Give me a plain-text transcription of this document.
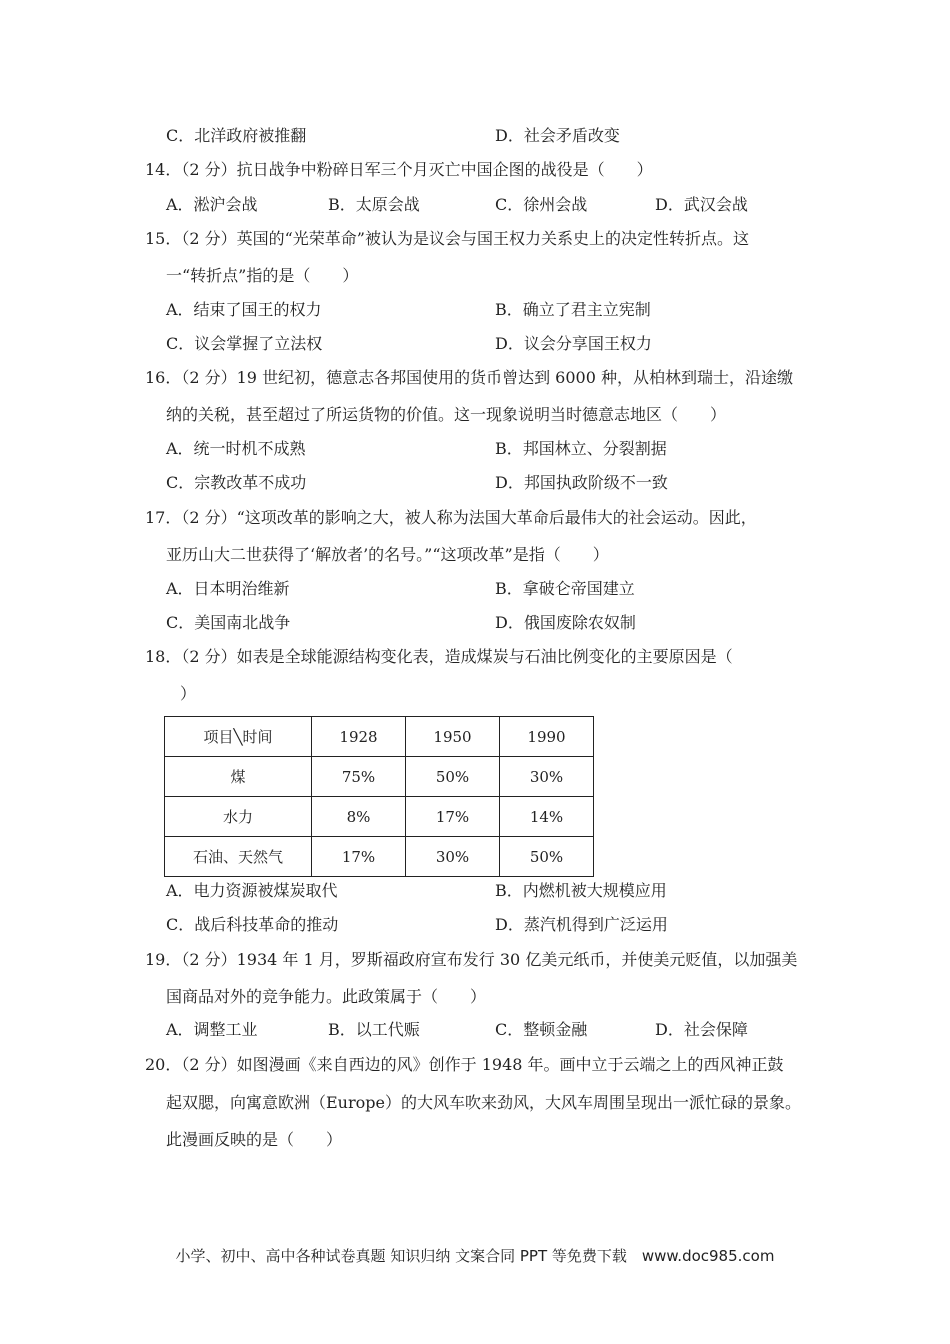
C．北洋政府被推翻	D．社会矛盾改变
14．（2 分）抗日战争中粉碎日军三个月灭亡中国企图的战役是（　　）
A．淞沪会战	B．太原会战	C．徐州会战	D．武汉会战
15．（2 分）英国的“光荣革命”被认为是议会与国王权力关系史上的决定性转折点。这
一“转折点”指的是（　　）
A．结束了国王的权力	B．确立了君主立宪制
C．议会掌握了立法权	D．议会分享国王权力
16．（2 分）19 世纪初，德意志各邦国使用的货币曾达到 6000 种，从柏林到瑞士，沿途缴
纳的关税，甚至超过了所运货物的价值。这一现象说明当时德意志地区（　　）
A．统一时机不成熟	B．邦国林立、分裂割据
C．宗教改革不成功	D．邦国执政阶级不一致
17．（2 分）“这项改革的影响之大，被人称为法国大革命后最伟大的社会运动。因此，
亚历山大二世获得了‘解放者’的名号。”“这项改革”是指（　　）
A．日本明治维新	B．拿破仑帝国建立
C．美国南北战争	D．俄国废除农奴制
18．（2 分）如表是全球能源结构变化表，造成煤炭与石油比例变化的主要原因是（
）
项目╲时间	1928	1950	1990
煤	75%	50%	30%
水力	8%	17%	14%
石油、天然气	17%	30%	50%
A．电力资源被煤炭取代	B．内燃机被大规模应用
C．战后科技革命的推动	D．蒸汽机得到广泛运用
19．（2 分）1934 年 1 月，罗斯福政府宣布发行 30 亿美元纸币，并使美元贬值，以加强美
国商品对外的竞争能力。此政策属于（　　）
A．调整工业	B．以工代赈	C．整顿金融	D．社会保障
20．（2 分）如图漫画《来自西边的风》创作于 1948 年。画中立于云端之上的西风神正鼓
起双腮，向寓意欧洲（Europe）的大风车吹来劲风，大风车周围呈现出一派忙碌的景象。
此漫画反映的是（　　）
小学、初中、高中各种试卷真题 知识归纳 文案合同 PPT 等免费下载　www.doc985.com
